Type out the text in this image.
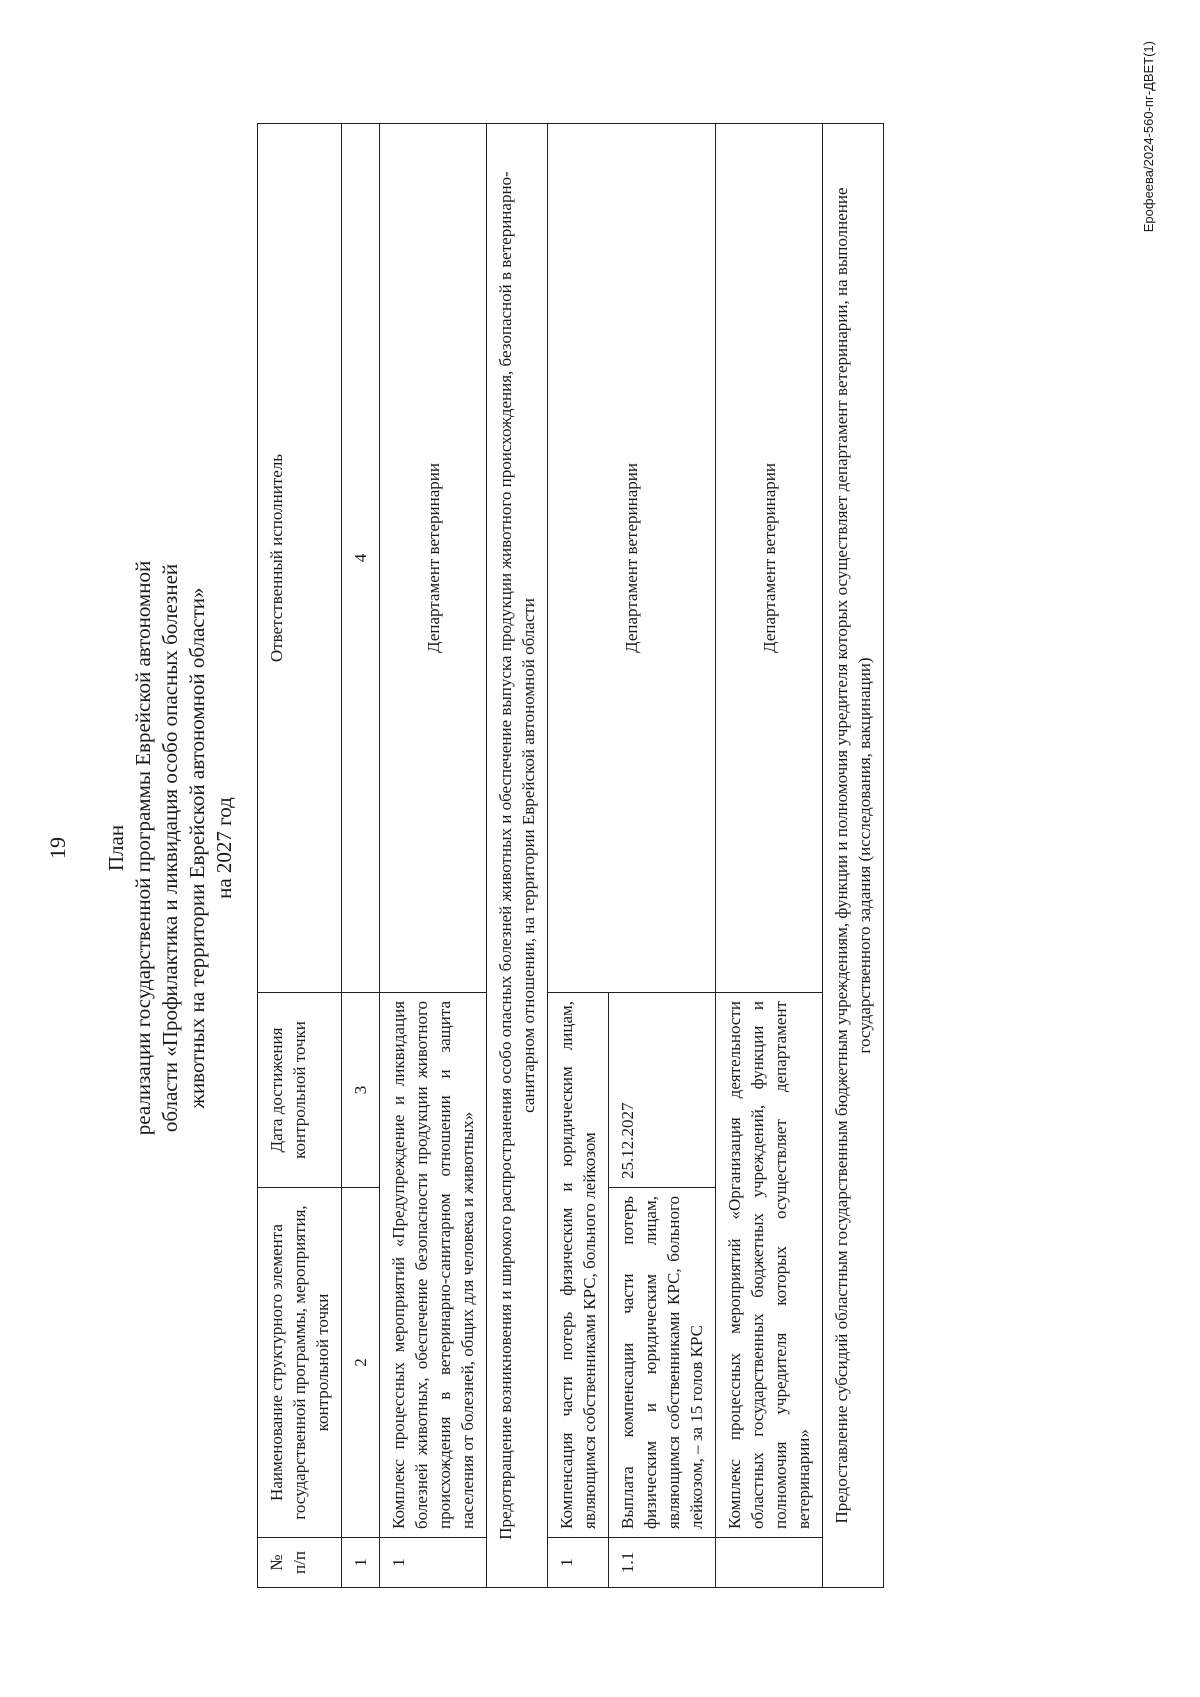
19 План реализации государственной программы Еврейской автономной области «Профилактика и ликвидация особо опасных болезней животных на территории Еврейской автономной области» на 2027 год
№ п/п	Наименование структурного элемента государственной программы, мероприятия, контрольной точки	Дата достижения контрольной точки	Ответственный исполнитель
1	2	3	4
1	Комплекс процессных мероприятий «Предупреждение и ликвидация болезней животных, обеспечение безопасности продукции животного происхождения в ветеринарно-санитарном отношении и защита населения от болезней, общих для человека и животных»		Департамент ветеринарии
Предотвращение возникновения и широкого распространения особо опасных болезней животных и обеспечение выпуска продукции животного происхождения, безопасной в ветеринарно-санитарном отношении, на территории Еврейской автономной области			
1	Компенсация части потерь физическим и юридическим лицам, являющимся собственниками КРС, больного лейкозом		Департамент ветеринарии
1.1	Выплата компенсации части потерь физическим и юридическим лицам, являющимся собственниками КРС, больного лейкозом, – за 15 голов КРС	25.12.2027	
	Комплекс процессных мероприятий «Организация деятельности областных государственных бюджетных учреждений, функции и полномочия учредителя которых осуществляет департамент ветеринарии»		Департамент ветеринарии
Предоставление субсидий областным государственным бюджетным учреждениям, функции и полномочия учредителя которых осуществляет департамент ветеринарии, на выполнение государственного задания (исследования, вакцинации)			
Ерофеева/2024-560-пг-ДВЕТ(1)
